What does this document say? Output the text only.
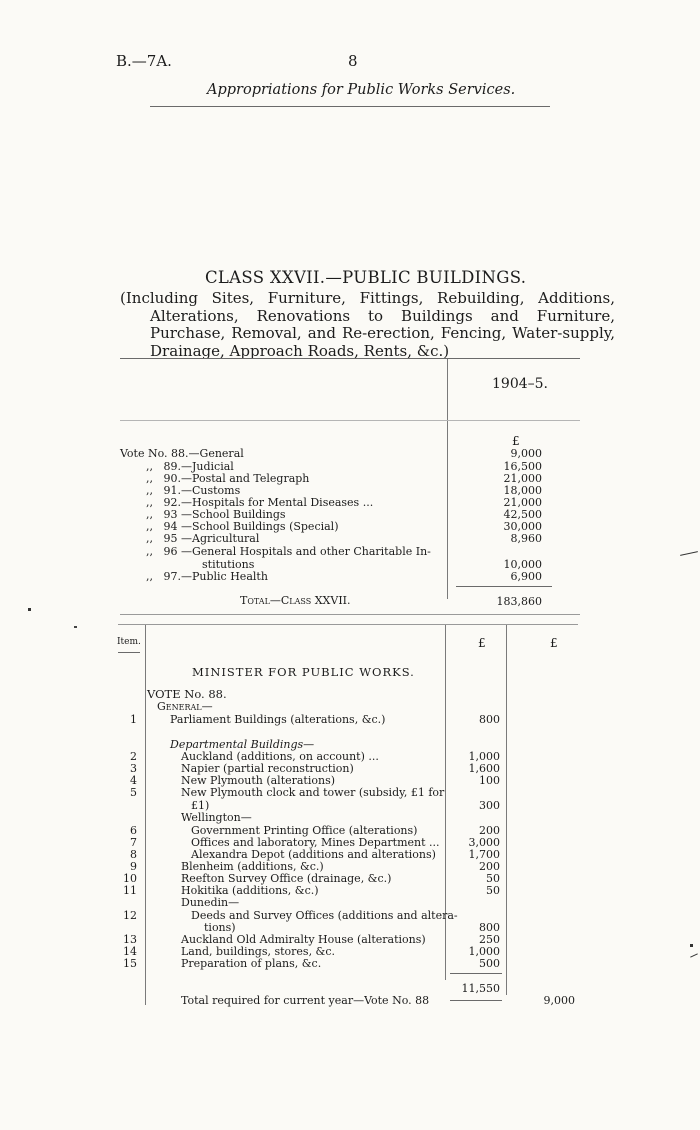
B.—7A.	8
Appropriations for Public Works Services.
CLASS XXVII.—PUBLIC BUILDINGS.
(Including Sites, Furniture, Fittings, Rebuilding, Additions, Alterations, Renovations to Buildings and Furniture, Purchase, Removal, and Re-erection, Fencing, Water-supply, Drainage, Approach Roads, Rents, &c.)
1904–5.
£
Vote No. 88.—General	9,000
,, 89.—Judicial	16,500
,, 90.—Postal and Telegraph	21,000
,, 91.—Customs	18,000
,, 92.—Hospitals for Mental Diseases ...	21,000
,, 93 —School Buildings	42,500
,, 94 —School Buildings (Special)	30,000
,, 95 —Agricultural	8,960
,, 96 —General Hospitals and other Charitable In-
stitutions	10,000
,, 97.—Public Health	6,900
Total—Class XXVII.	183,860
Item.	£	£
MINISTER FOR PUBLIC WORKS.
VOTE No. 88.
General—
1	Parliament Buildings (alterations, &c.)	800
Departmental Buildings—
2	Auckland (additions, on account) ...	1,000
3	Napier (partial reconstruction)	1,600
4	New Plymouth (alterations)	100
5	New Plymouth clock and tower (subsidy, £1 for
£1)	300
Wellington—
6	Government Printing Office (alterations)	200
7	Offices and laboratory, Mines Department ...	3,000
8	Alexandra Depot (additions and alterations)	1,700
9	Blenheim (additions, &c.)	200
10	Reefton Survey Office (drainage, &c.)	50
11	Hokitika (additions, &c.)	50
Dunedin—
12	Deeds and Survey Offices (additions and altera-
tions)	800
13	Auckland Old Admiralty House (alterations)	250
14	Land, buildings, stores, &c.	1,000
15	Preparation of plans, &c.	500
11,550
Total required for current year—Vote No. 88	9,000
